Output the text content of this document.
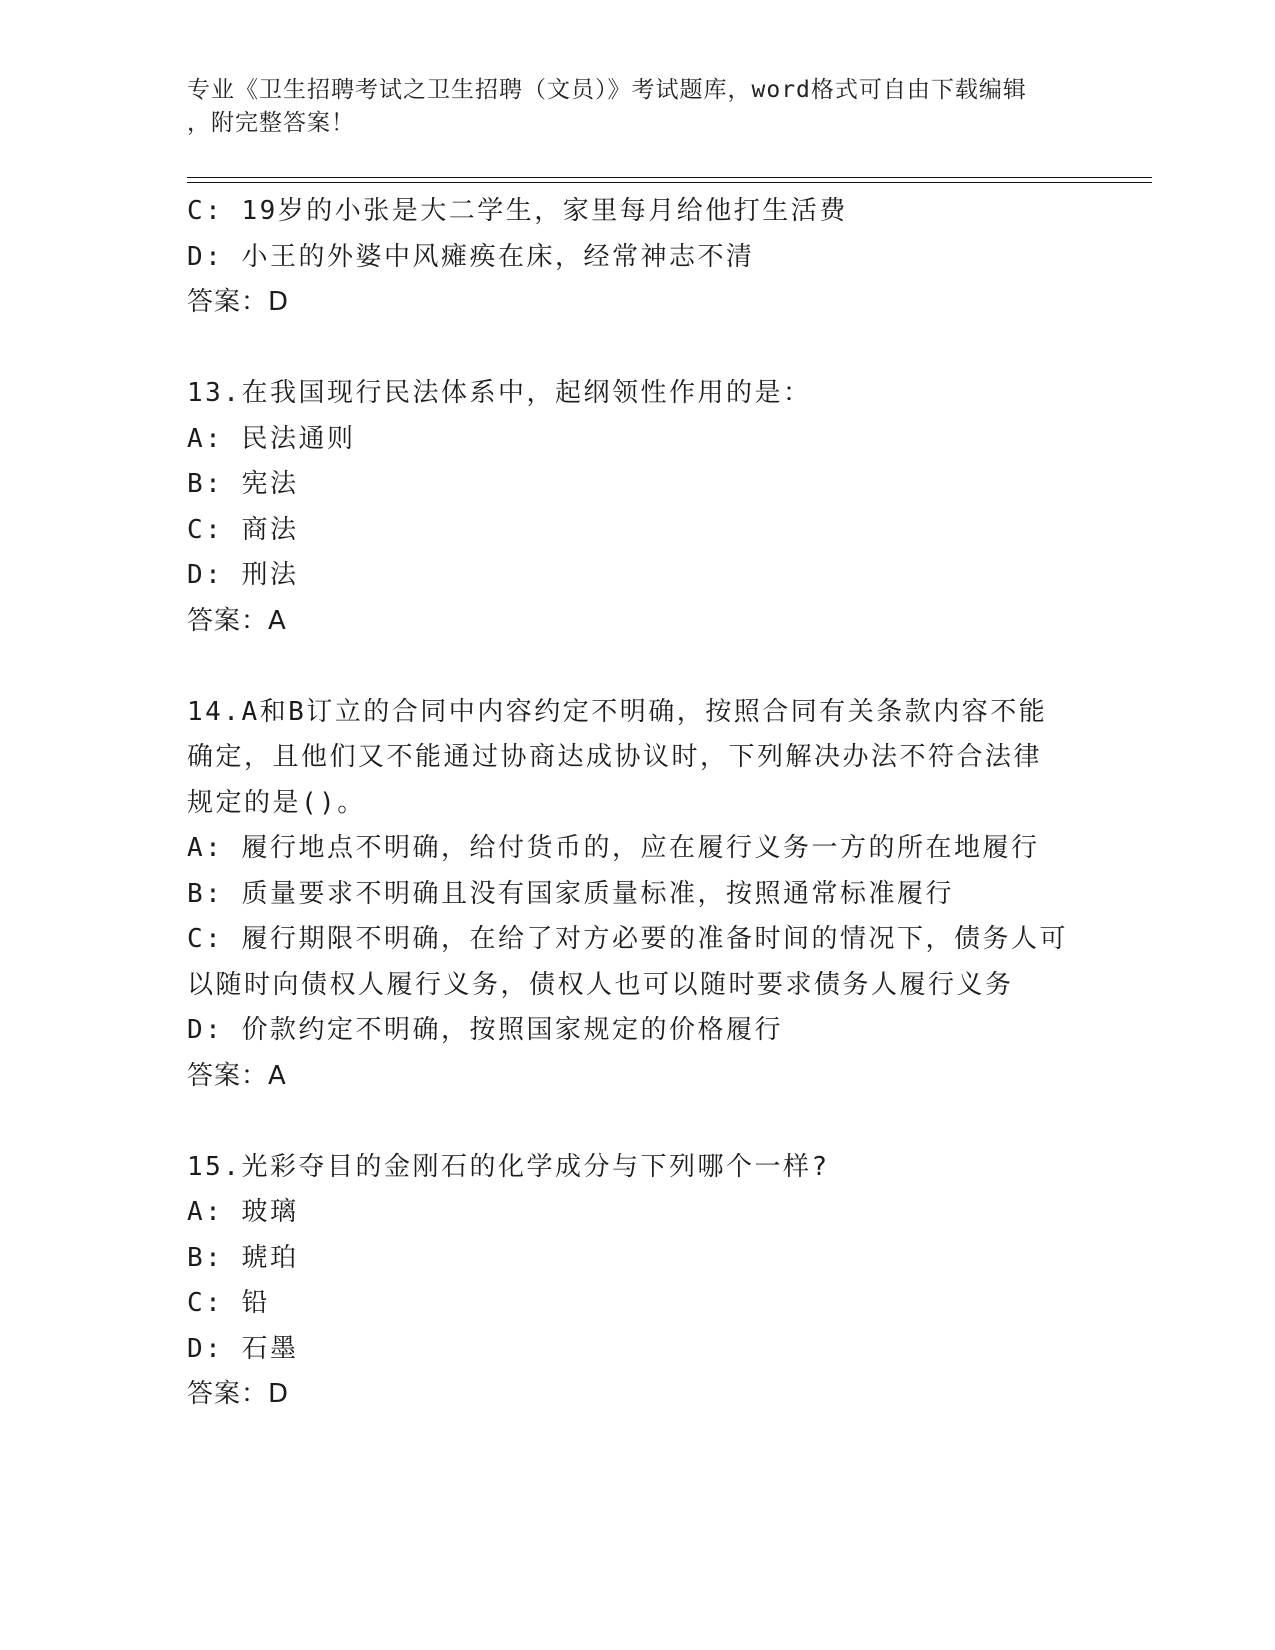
专业《卫生招聘考试之卫生招聘（文员）》考试题库，word格式可自由下载编辑
，附完整答案！
C: 19岁的小张是大二学生，家里每月给他打生活费
D: 小王的外婆中风瘫痪在床，经常神志不清
答案：D
13.在我国现行民法体系中，起纲领性作用的是：
A: 民法通则
B: 宪法
C: 商法
D: 刑法
答案：A
14.A和B订立的合同中内容约定不明确，按照合同有关条款内容不能
确定，且他们又不能通过协商达成协议时，下列解决办法不符合法律
规定的是()。
A: 履行地点不明确，给付货币的，应在履行义务一方的所在地履行
B: 质量要求不明确且没有国家质量标准，按照通常标准履行
C: 履行期限不明确，在给了对方必要的准备时间的情况下，债务人可
以随时向债权人履行义务，债权人也可以随时要求债务人履行义务
D: 价款约定不明确，按照国家规定的价格履行
答案：A
15.光彩夺目的金刚石的化学成分与下列哪个一样?
A: 玻璃
B: 琥珀
C: 铅
D: 石墨
答案：D
